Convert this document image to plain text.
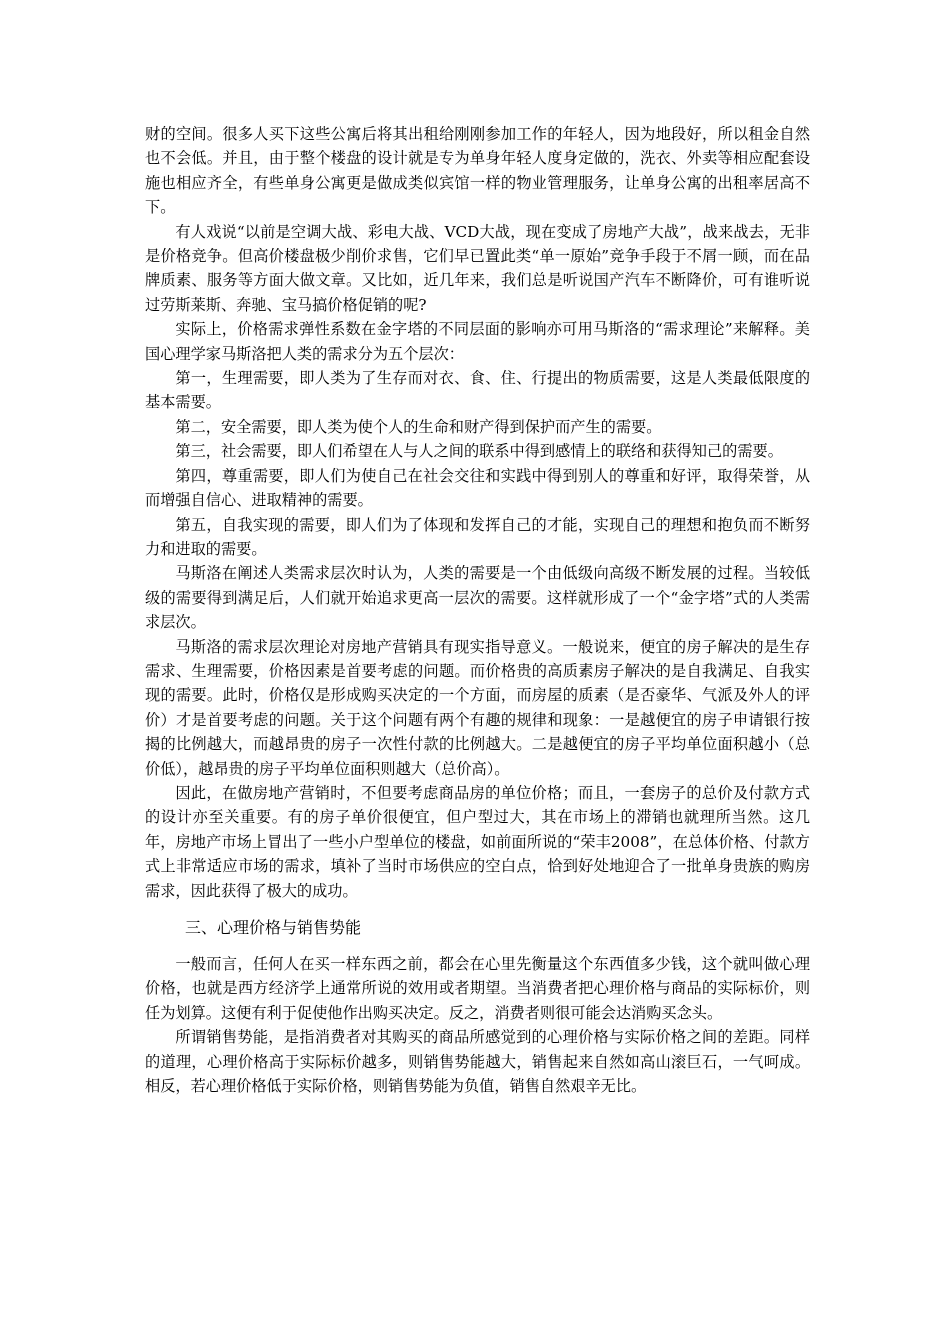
财的空间。很多人买下这些公寓后将其出租给刚刚参加工作的年轻人，因为地段好，所以租金自然也不会低。并且，由于整个楼盘的设计就是专为单身年轻人度身定做的，洗衣、外卖等相应配套设施也相应齐全，有些单身公寓更是做成类似宾馆一样的物业管理服务，让单身公寓的出租率居高不下。

有人戏说“以前是空调大战、彩电大战、VCD大战，现在变成了房地产大战”，战来战去，无非是价格竞争。但高价楼盘极少削价求售，它们早已置此类“单一原始”竞争手段于不屑一顾，而在品牌质素、服务等方面大做文章。又比如，近几年来，我们总是听说国产汽车不断降价，可有谁听说过劳斯莱斯、奔驰、宝马搞价格促销的呢?

实际上，价格需求弹性系数在金字塔的不同层面的影响亦可用马斯洛的“需求理论”来解释。美国心理学家马斯洛把人类的需求分为五个层次：

第一，生理需要，即人类为了生存而对衣、食、住、行提出的物质需要，这是人类最低限度的基本需要。

第二，安全需要，即人类为使个人的生命和财产得到保护而产生的需要。

第三，社会需要，即人们希望在人与人之间的联系中得到感情上的联络和获得知己的需要。

第四，尊重需要，即人们为使自己在社会交往和实践中得到别人的尊重和好评，取得荣誉，从而增强自信心、进取精神的需要。

第五，自我实现的需要，即人们为了体现和发挥自己的才能，实现自己的理想和抱负而不断努力和进取的需要。

马斯洛在阐述人类需求层次时认为，人类的需要是一个由低级向高级不断发展的过程。当较低级的需要得到满足后，人们就开始追求更高一层次的需要。这样就形成了一个“金字塔”式的人类需求层次。

马斯洛的需求层次理论对房地产营销具有现实指导意义。一般说来，便宜的房子解决的是生存需求、生理需要，价格因素是首要考虑的问题。而价格贵的高质素房子解决的是自我满足、自我实现的需要。此时，价格仅是形成购买决定的一个方面，而房屋的质素（是否豪华、气派及外人的评价）才是首要考虑的问题。关于这个问题有两个有趣的规律和现象：一是越便宜的房子申请银行按揭的比例越大，而越昂贵的房子一次性付款的比例越大。二是越便宜的房子平均单位面积越小（总价低），越昂贵的房子平均单位面积则越大（总价高）。

因此，在做房地产营销时，不但要考虑商品房的单位价格；而且，一套房子的总价及付款方式的设计亦至关重要。有的房子单价很便宜，但户型过大，其在市场上的滞销也就理所当然。这几年，房地产市场上冒出了一些小户型单位的楼盘，如前面所说的“荣丰2008”，在总体价格、付款方式上非常适应市场的需求，填补了当时市场供应的空白点，恰到好处地迎合了一批单身贵族的购房需求，因此获得了极大的成功。

三、心理价格与销售势能

一般而言，任何人在买一样东西之前，都会在心里先衡量这个东西值多少钱，这个就叫做心理价格，也就是西方经济学上通常所说的效用或者期望。当消费者把心理价格与商品的实际标价，则任为划算。这便有利于促使他作出购买决定。反之，消费者则很可能会达消购买念头。

所谓销售势能，是指消费者对其购买的商品所感觉到的心理价格与实际价格之间的差距。同样的道理，心理价格高于实际标价越多，则销售势能越大，销售起来自然如高山滚巨石，一气呵成。相反，若心理价格低于实际价格，则销售势能为负值，销售自然艰辛无比。
